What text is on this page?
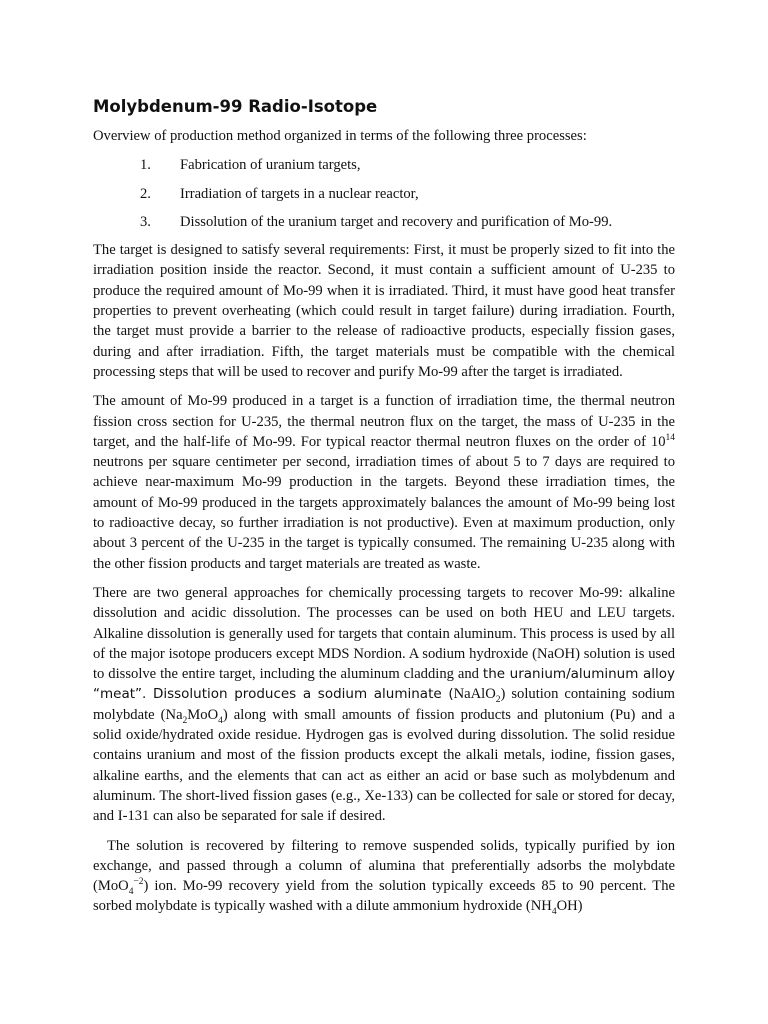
Molybdenum-99 Radio-Isotope

Overview of production method organized in terms of the following three processes:

1.	Fabrication of uranium targets,
2.	Irradiation of targets in a nuclear reactor,
3.	Dissolution of the uranium target and recovery and purification of Mo-99.

The target is designed to satisfy several requirements: First, it must be properly sized to fit into the irradiation position inside the reactor. Second, it must contain a sufficient amount of U-235 to produce the required amount of Mo-99 when it is irradiated. Third, it must have good heat transfer properties to prevent overheating (which could result in target failure) during irradiation. Fourth, the target must provide a barrier to the release of radioactive products, especially fission gases, during and after irradiation. Fifth, the target materials must be compatible with the chemical processing steps that will be used to recover and purify Mo-99 after the target is irradiated.

The amount of Mo-99 produced in a target is a function of irradiation time, the thermal neutron fission cross section for U-235, the thermal neutron flux on the target, the mass of U-235 in the target, and the half-life of Mo-99. For typical reactor thermal neutron fluxes on the order of $10^{14}$ neutrons per square centimeter per second, irradiation times of about 5 to 7 days are required to achieve near-maximum Mo-99 production in the targets. Beyond these irradiation times, the amount of Mo-99 produced in the targets approximately balances the amount of Mo-99 being lost to radioactive decay, so further irradiation is not productive). Even at maximum production, only about 3 percent of the U-235 in the target is typically consumed. The remaining U-235 along with the other fission products and target materials are treated as waste.

There are two general approaches for chemically processing targets to recover Mo-99: alkaline dissolution and acidic dissolution. The processes can be used on both HEU and LEU targets. Alkaline dissolution is generally used for targets that contain aluminum. This process is used by all of the major isotope producers except MDS Nordion. A sodium hydroxide (NaOH) solution is used to dissolve the entire target, including the aluminum cladding and the uranium/aluminum alloy “meat”. Dissolution produces a sodium aluminate (NaAlO$_2$) solution containing sodium molybdate $(Na_2MoO_4)$ along with small amounts of fission products and plutonium (Pu) and a solid oxide/hydrated oxide residue. Hydrogen gas is evolved during dissolution. The solid residue contains uranium and most of the fission products except the alkali metals, iodine, fission gases, alkaline earths, and the elements that can act as either an acid or base such as molybdenum and aluminum. The short-lived fission gases (e.g., Xe-133) can be collected for sale or stored for decay, and I-131 can also be separated for sale if desired.

The solution is recovered by filtering to remove suspended solids, typically purified by ion exchange, and passed through a column of alumina that preferentially adsorbs the molybdate (MoO$_4^{-2}$) ion. Mo-99 recovery yield from the solution typically exceeds 85 to 90 percent. The sorbed molybdate is typically washed with a dilute ammonium hydroxide $(NH_4OH)$
